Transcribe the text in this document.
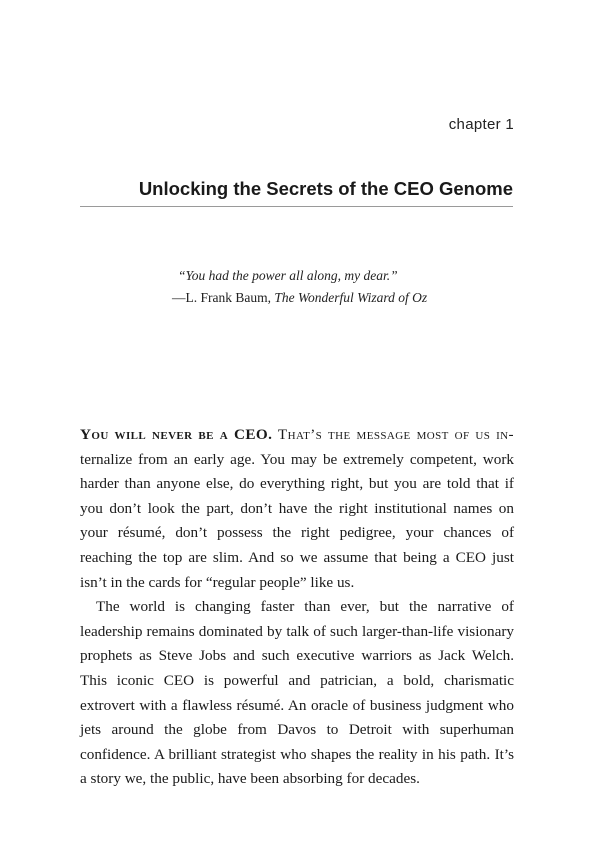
chapter 1
Unlocking the Secrets of the CEO Genome
“You had the power all along, my dear.”
—L. Frank Baum, The Wonderful Wizard of Oz

You will never be a CEO. That’s the message most of us in-ternalize from an early age. You may be extremely competent, work harder than anyone else, do everything right, but you are told that if you don’t look the part, don’t have the right institutional names on your résumé, don’t possess the right pedigree, your chances of reaching the top are slim. And so we assume that being a CEO just isn’t in the cards for “regular people” like us.

The world is changing faster than ever, but the narrative of leadership remains dominated by talk of such larger-than-life visionary prophets as Steve Jobs and such executive warriors as Jack Welch. This iconic CEO is powerful and patrician, a bold, charismatic extrovert with a flawless résumé. An oracle of business judgment who jets around the globe from Davos to Detroit with superhuman confidence. A brilliant strategist who shapes the reality in his path. It’s a story we, the public, have been absorbing for decades.
